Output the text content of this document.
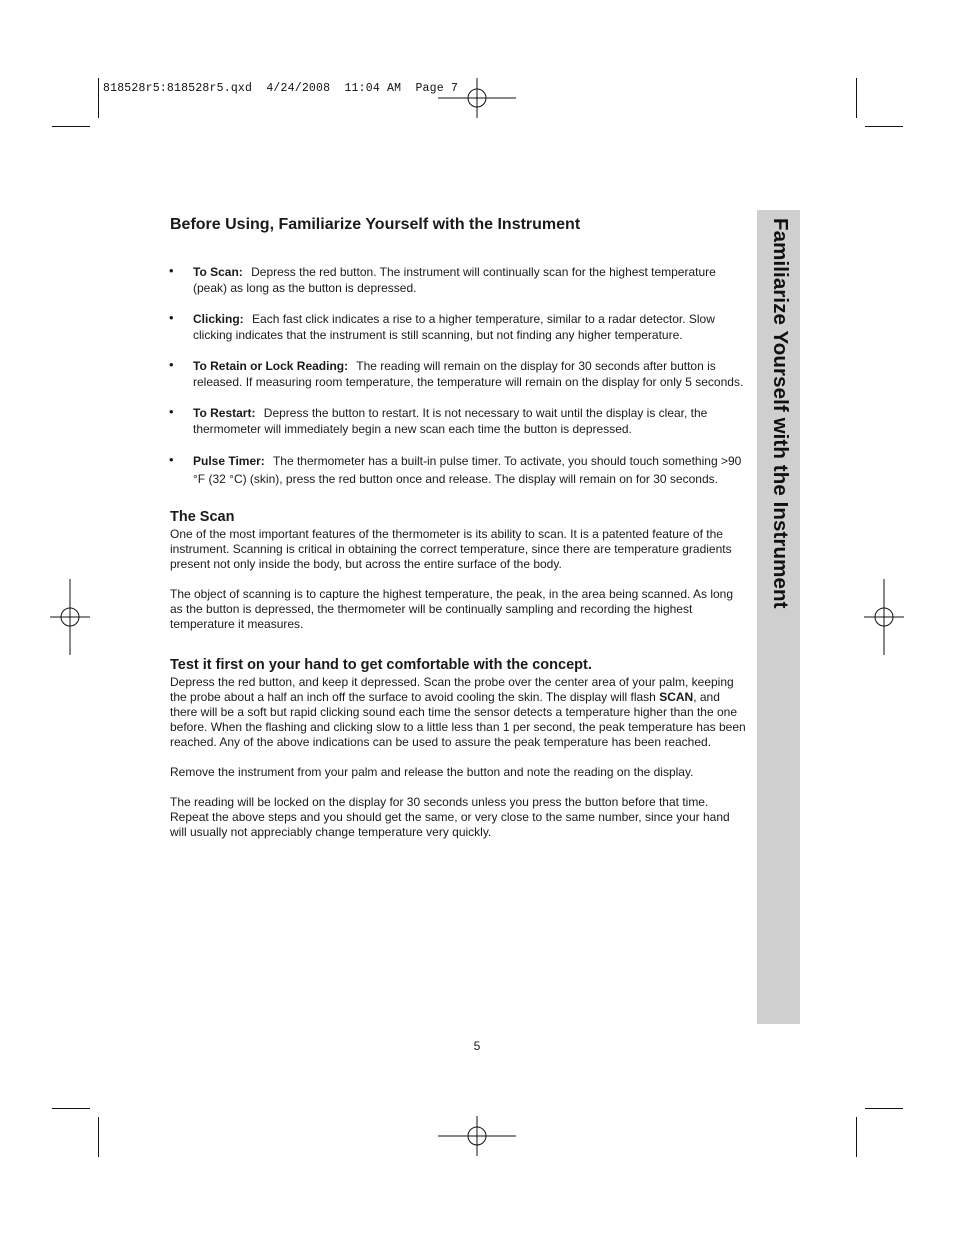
818528r5:818528r5.qxd  4/24/2008  11:04 AM  Page 7
Familiarize Yourself with the Instrument
Before Using, Familiarize Yourself with the Instrument
• To Scan: Depress the red button. The instrument will continually scan for the highest temperature (peak) as long as the button is depressed.
• Clicking: Each fast click indicates a rise to a higher temperature, similar to a radar detector. Slow clicking indicates that the instrument is still scanning, but not finding any higher temperature.
• To Retain or Lock Reading: The reading will remain on the display for 30 seconds after button is released. If measuring room temperature, the temperature will remain on the display for only 5 seconds.
• To Restart: Depress the button to restart. It is not necessary to wait until the display is clear, the thermometer will immediately begin a new scan each time the button is depressed.
• Pulse Timer: The thermometer has a built-in pulse timer. To activate, you should touch something >90 °F (32 °C) (skin), press the red button once and release. The display will remain on for 30 seconds.
The Scan

One of the most important features of the thermometer is its ability to scan. It is a patented feature of the instrument. Scanning is critical in obtaining the correct temperature, since there are temperature gradients present not only inside the body, but across the entire surface of the body.

The object of scanning is to capture the highest temperature, the peak, in the area being scanned. As long as the button is depressed, the thermometer will be continually sampling and recording the highest temperature it measures.

Test it first on your hand to get comfortable with the concept.

Depress the red button, and keep it depressed. Scan the probe over the center area of your palm, keeping the probe about a half an inch off the surface to avoid cooling the skin. The display will flash SCAN, and there will be a soft but rapid clicking sound each time the sensor detects a temperature higher than the one before. When the flashing and clicking slow to a little less than 1 per second, the peak temperature has been reached. Any of the above indications can be used to assure the peak temperature has been reached.

Remove the instrument from your palm and release the button and note the reading on the display.

The reading will be locked on the display for 30 seconds unless you press the button before that time. Repeat the above steps and you should get the same, or very close to the same number, since your hand will usually not appreciably change temperature very quickly.

5
